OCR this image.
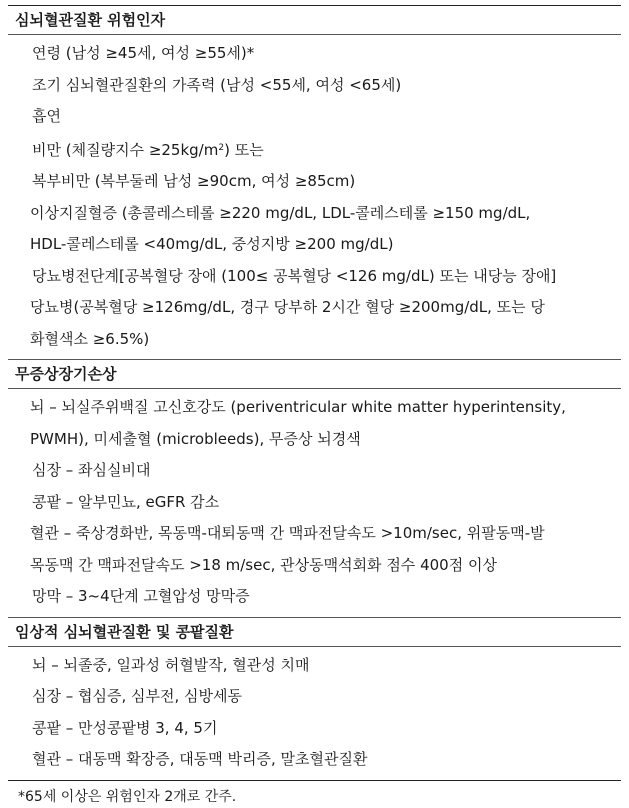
심뇌혈관질환 위험인자
연령 (남성 ≥45세, 여성 ≥55세)*
조기 심뇌혈관질환의 가족력 (남성 <55세, 여성 <65세)
흡연
비만 (체질량지수 $\ge 25kg/m^2$) 또는
복부비만 (복부둘레 남성 ≥90cm, 여성 ≥85cm)
이상지질혈증 (총콜레스테롤 ≥220 mg/dL, LDL-콜레스테롤 ≥150 mg/dL,
HDL-콜레스테롤 <40mg/dL, 중성지방 ≥200 mg/dL)
당뇨병전단계[공복혈당 장애 (100≤ 공복혈당 <126 mg/dL) 또는 내당능 장애]
당뇨병(공복혈당 ≥126mg/dL, 경구 당부하 2시간 혈당 ≥200mg/dL, 또는 당
화혈색소 ≥6.5%)
무증상장기손상
뇌 – 뇌실주위백질 고신호강도 (periventricular white matter hyperintensity,
PWMH), 미세출혈 (microbleeds), 무증상 뇌경색
심장 – 좌심실비대
콩팥 – 알부민뇨, eGFR 감소
혈관 – 죽상경화반, 목동맥-대퇴동맥 간 맥파전달속도 >10m/sec, 위팔동맥-발
목동맥 간 맥파전달속도 >18 m/sec, 관상동맥석회화 점수 400점 이상
망막 – 3~4단계 고혈압성 망막증
임상적 심뇌혈관질환 및 콩팥질환
뇌 – 뇌졸중, 일과성 허혈발작, 혈관성 치매
심장 – 협심증, 심부전, 심방세동
콩팥 – 만성콩팥병 3, 4, 5기
혈관 – 대동맥 확장증, 대동맥 박리증, 말초혈관질환
*65세 이상은 위험인자 2개로 간주.
